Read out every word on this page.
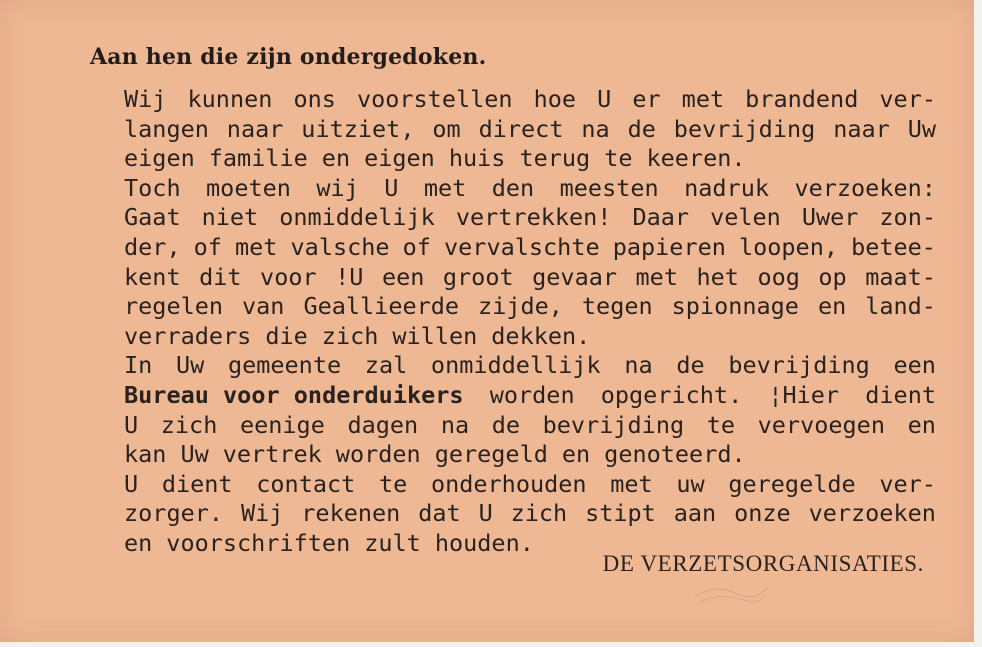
Aan hen die zijn ondergedoken.
Wij kunnen ons voorstellen hoe U er met brandend ver-
langen naar uitziet, om direct na de bevrijding naar Uw
eigen familie en eigen huis terug te keeren.
Toch moeten wij U met den meesten nadruk verzoeken:
Gaat niet onmiddelijk vertrekken! Daar velen Uwer zon-
der, of met valsche of vervalschte papieren loopen, betee-
kent dit voor !U een groot gevaar met het oog op maat-
regelen van Geallieerde zijde, tegen spionnage en land-
verraders die zich willen dekken.
In Uw gemeente zal onmiddellijk na de bevrijding een
Bureau voor onderduikers worden opgericht. ¦Hier dient
U zich eenige dagen na de bevrijding te vervoegen en
kan Uw vertrek worden geregeld en genoteerd.
U dient contact te onderhouden met uw geregelde ver-
zorger. Wij rekenen dat U zich stipt aan onze verzoeken
en voorschriften zult houden.
DE VERZETSORGANISATIES.
